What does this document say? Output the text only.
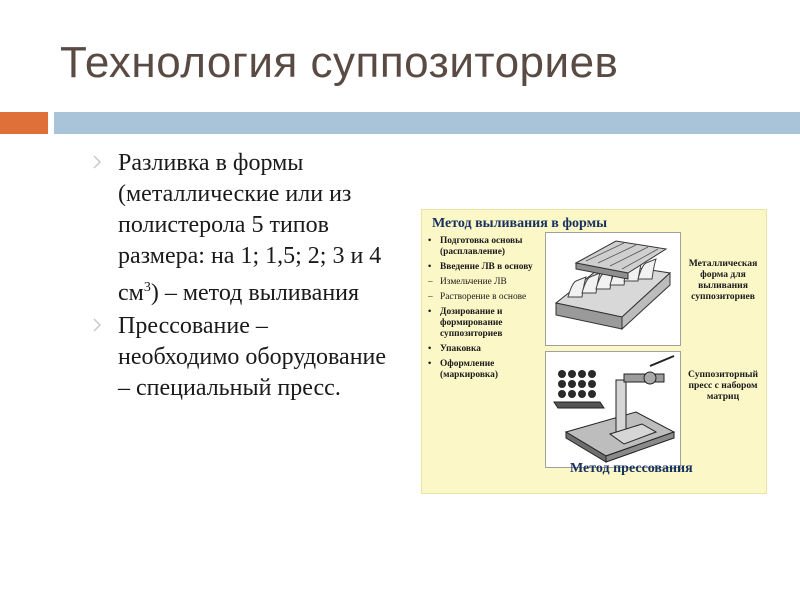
Технология суппозиториев
Разливка в формы (металлические или из полистерола 5 типов размера: на 1; 1,5; 2; 3 и 4 $см^3$) – метод выливания
Прессование – необходимо оборудование – специальный пресс.
Метод выливания в формы
• Подготовка основы (расплавление)
• Введение ЛВ в основу
– Измельчение ЛВ
– Растворение в основе
• Дозирование и формирование суппозиториев
• Упаковка
• Оформление (маркировка)
Металлическая форма для выливания суппозиториев
Суппозиторный пресс с набором матриц
Метод прессования
